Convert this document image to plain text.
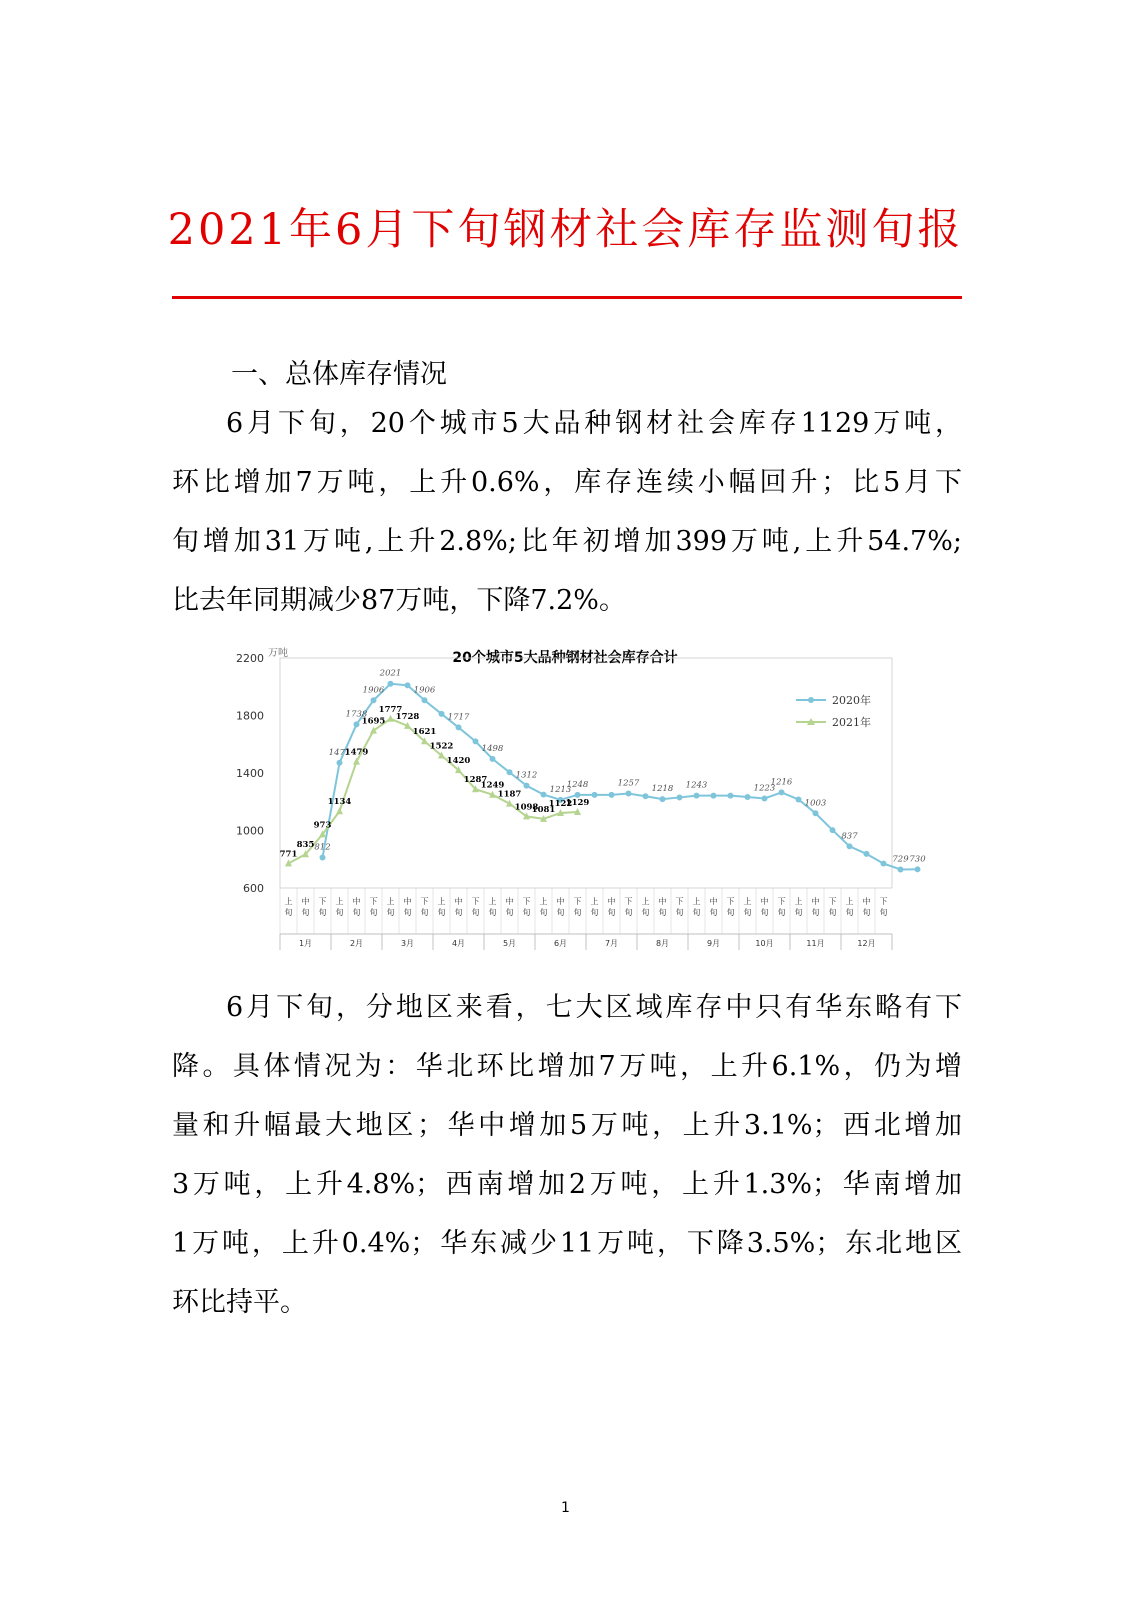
2021年6月下旬钢材社会库存监测旬报
一、总体库存情况
6月下旬，20个城市5大品种钢材社会库存1129万吨，
环比增加7万吨，上升0.6%，库存连续小幅回升；比5月下
旬增加31万吨,上升2.8%;比年初增加399万吨,上升54.7%;
比去年同期减少87万吨，下降7.2%。
20个城市5大品种钢材社会库存合计
万吨
2200
1800
1400
1000
600
上旬
中旬
下旬
上旬
中旬
下旬
上旬
中旬
下旬
上旬
中旬
下旬
上旬
中旬
下旬
上旬
中旬
下旬
上旬
中旬
下旬
上旬
中旬
下旬
上旬
中旬
下旬
上旬
中旬
下旬
上旬
中旬
下旬
上旬
中旬
下旬
1月	2月	3月	4月	5月	6月	7月	8月	9月	10月	11月	12月
812
1471
1738
1906
2021
1906
1717
1498
1312
1213
1248	1257
1218 1243	1223
1216
1003
837
729 730
771
835
973
1134
1479
1695
1777
1728
1621
1522
1420
1287
1249
1187
1098
1081
1122
1129
2020年
2021年
6月下旬，分地区来看，七大区域库存中只有华东略有下
降。具体情况为：华北环比增加7万吨，上升6.1%，仍为增
量和升幅最大地区；华中增加5万吨，上升3.1%；西北增加
3万吨，上升4.8%；西南增加2万吨，上升1.3%；华南增加
1万吨，上升0.4%；华东减少11万吨，下降3.5%；东北地区
环比持平。
1
